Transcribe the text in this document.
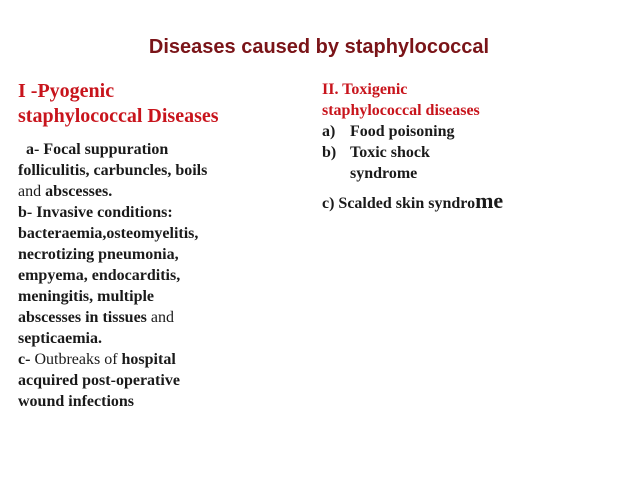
Diseases caused by staphylococcal
I -Pyogenic
staphylococcal Diseases
a- Focal suppuration
folliculitis, carbuncles, boils
and abscesses.
b- Invasive conditions:
bacteraemia,osteomyelitis,
necrotizing pneumonia,
empyema, endocarditis,
meningitis, multiple
abscesses in tissues and
septicaemia.
c- Outbreaks of hospital
acquired post-operative
wound infections
II. Toxigenic
staphylococcal diseases
a) Food poisoning
b) Toxic shock
syndrome
c) Scalded skin syndrome
